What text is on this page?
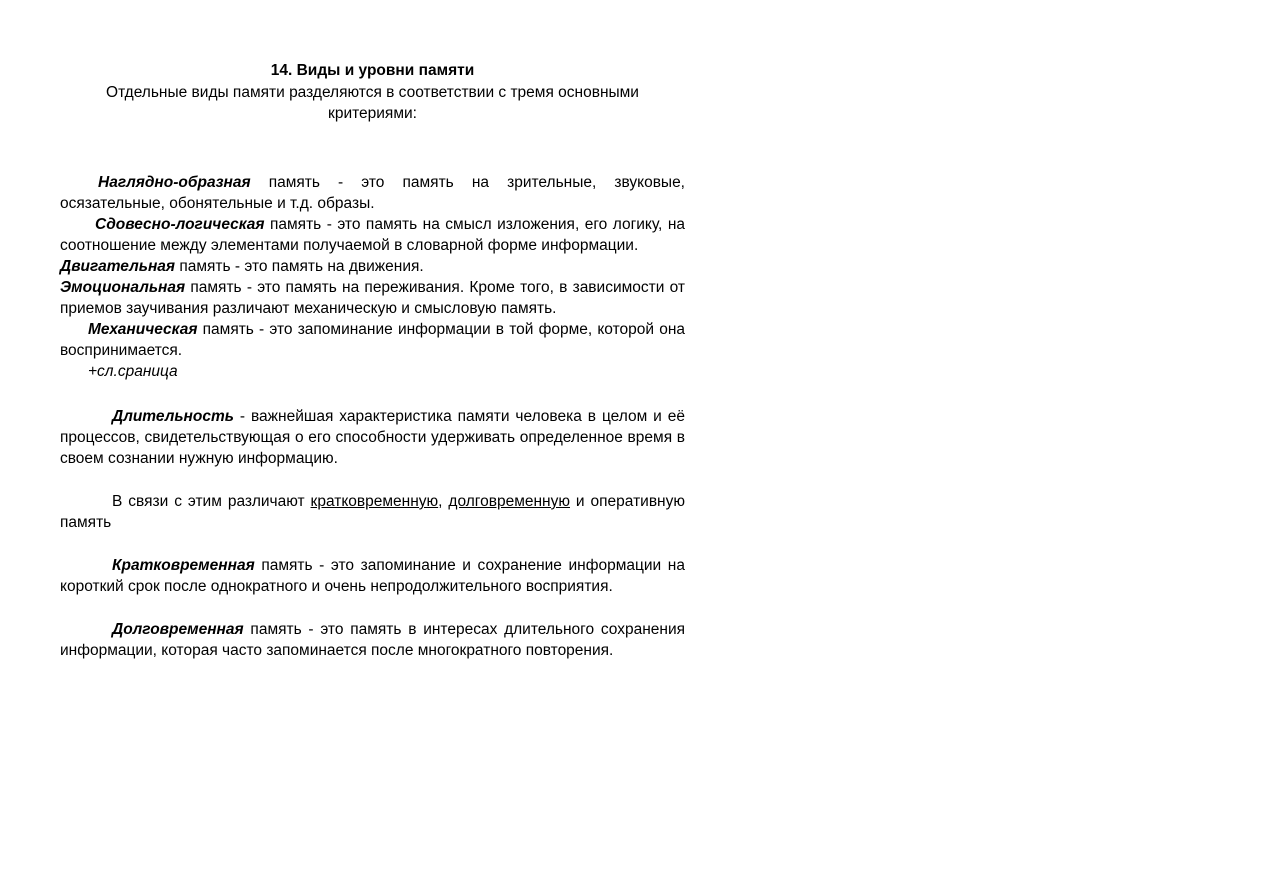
14. Виды и уровни памяти

Отдельные виды памяти разделяются в соответствии с тремя основными критериями:

Наглядно-образная память - это память на зрительные, звуковые, осязательные, обонятельные и т.д. образы.

Сдовесно-логическая память - это память на смысл изложения, его логику, на соотношение между элементами получаемой в словарной форме информации.

Двигательная память - это память на движения.

Эмоциональная память - это память на переживания. Кроме того, в зависимости от приемов заучивания различают механическую и смысловую память.

Механическая память - это запоминание информации в той форме, которой она воспринимается.

+сл.сраница

Длительность - важнейшая характеристика памяти человека в целом и её процессов, свидетельствующая о его способности удерживать определенное время в своем сознании нужную информацию.

В связи с этим различают кратковременную, долговременную и оперативную память

Кратковременная память - это запоминание и сохранение информации на короткий срок после однократного и очень непродолжительного восприятия.

Долговременная память - это память в интересах длительного сохранения информации, которая часто запоминается после многократного повторения.
